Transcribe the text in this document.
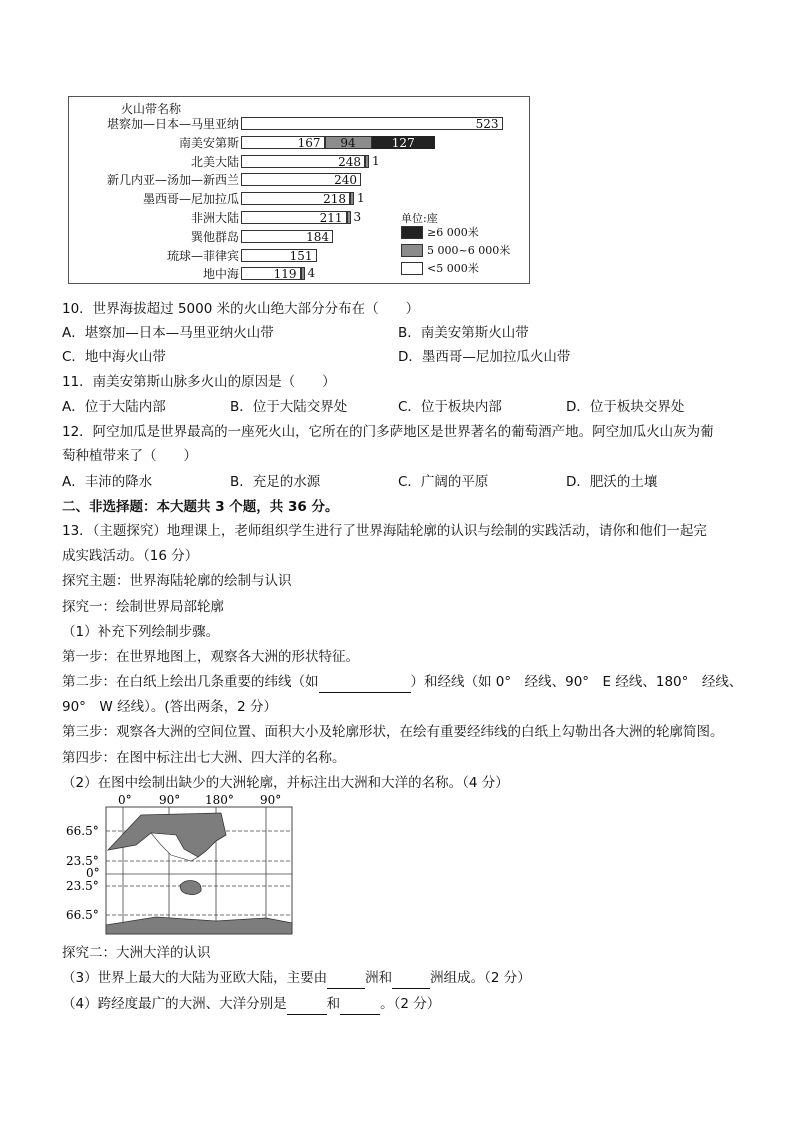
火山带名称
堪察加—日本—马里亚纳	523
南美安第斯	167	94	127
北美大陆	248 1
新几内亚—汤加—新西兰	240
墨西哥—尼加拉瓜	218 1
非洲大陆	211 3
巽他群岛	184
琉球—菲律宾	151
地中海	119 4
单位:座
≥6 000米
5 000~6 000米
<5 000米
10．世界海拔超过 5000 米的火山绝大部分分布在（　　）
A．堪察加—日本—马里亚纳火山带	B．南美安第斯火山带
C．地中海火山带	D．墨西哥—尼加拉瓜火山带
11．南美安第斯山脉多火山的原因是（　　）
A．位于大陆内部	B．位于大陆交界处	C．位于板块内部	D．位于板块交界处
12．阿空加瓜是世界最高的一座死火山，它所在的门多萨地区是世界著名的葡萄酒产地。阿空加瓜火山灰为葡
萄种植带来了（　　）
A．丰沛的降水	B．充足的水源	C．广阔的平原	D．肥沃的土壤
二、非选择题：本大题共 3 个题，共 36 分。
13．（主题探究）地理课上，老师组织学生进行了世界海陆轮廓的认识与绘制的实践活动，请你和他们一起完
成实践活动。（16 分）
探究主题：世界海陆轮廓的绘制与认识
探究一：绘制世界局部轮廓
（1）补充下列绘制步骤。
第一步：在世界地图上，观察各大洲的形状特征。
第二步：在白纸上绘出几条重要的纬线（如	）和经线（如 0°　经线、90°　E 经线、180°　经线、
90°　W 经线）。(答出两条，2 分）
第三步：观察各大洲的空间位置、面积大小及轮廓形状，在绘有重要经纬线的白纸上勾勒出各大洲的轮廓简图。
第四步：在图中标注出七大洲、四大洋的名称。
（2）在图中绘制出缺少的大洲轮廓，并标注出大洲和大洋的名称。（4 分）
0° 90° 180° 90°
66.5°
23.5°
0°
23.5°
66.5°
探究二：大洲大洋的认识
（3）世界上最大的大陆为亚欧大陆，主要由	洲和	洲组成。（2 分）
（4）跨经度最广的大洲、大洋分别是	和	。（2 分）
